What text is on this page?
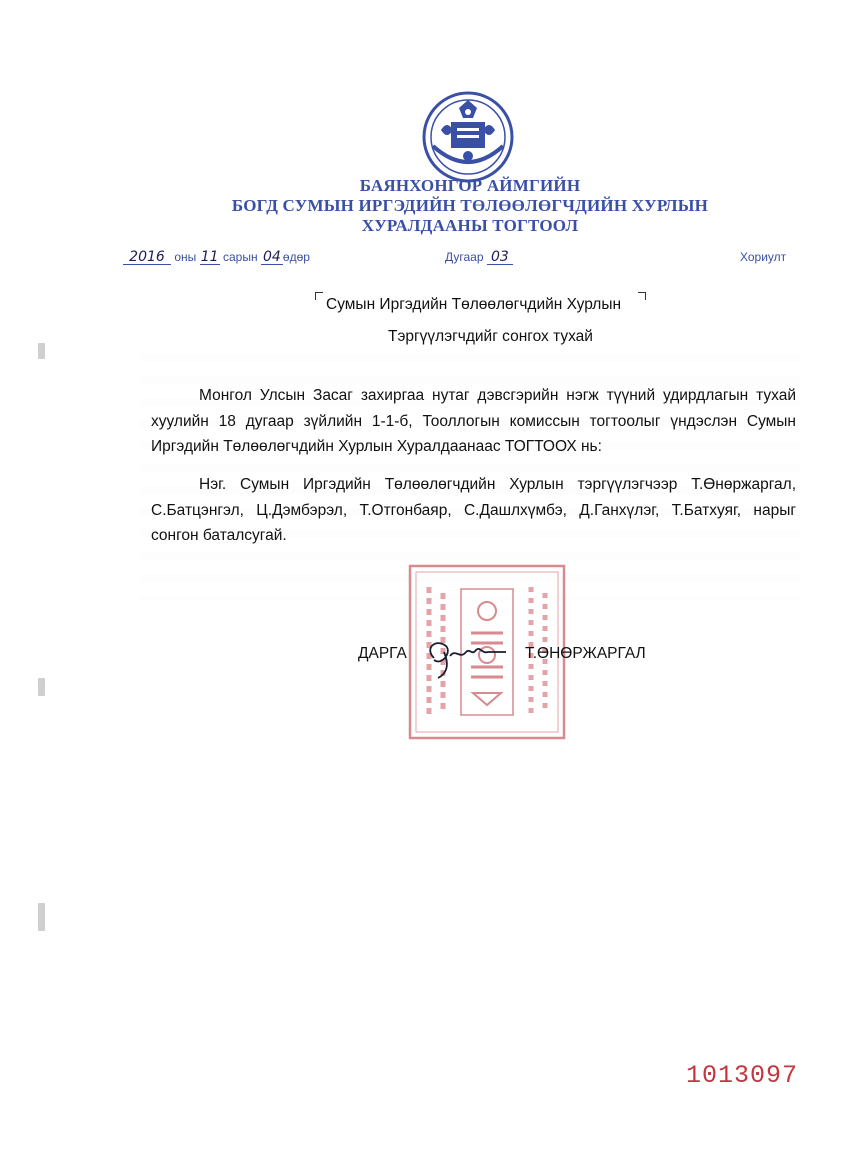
БАЯНХОНГОР АЙМГИЙН
БОГД СУМЫН ИРГЭДИЙН ТӨЛӨӨЛӨГЧДИЙН ХУРЛЫН
ХУРАЛДААНЫ ТОГТООЛ
2016 оны 11 сарын 04 өдөр	Дугаар 03	Хориулт
Сумын Иргэдийн Төлөөлөгчдийн Хурлын
Тэргүүлэгчдийг сонгох тухай
Монгол Улсын Засаг захиргаа нутаг дэвсгэрийн нэгж түүний удирдлагын тухай хуулийн 18 дугаар зүйлийн 1-1-б, Тооллогын комиссын тогтоолыг үндэслэн Сумын Иргэдийн Төлөөлөгчдийн Хурлын Хуралдаанаас ТОГТООХ нь:
Нэг. Сумын Иргэдийн Төлөөлөгчдийн Хурлын тэргүүлэгчээр Т.Өнөржаргал, С.Батцэнгэл, Ц.Дэмбэрэл, Т.Отгонбаяр, С.Дашлхүмбэ, Д.Ганхүлэг, Т.Батхуяг, нарыг сонгон баталсугай.
ДАРГА	Т.ӨНӨРЖАРГАЛ
1013097
